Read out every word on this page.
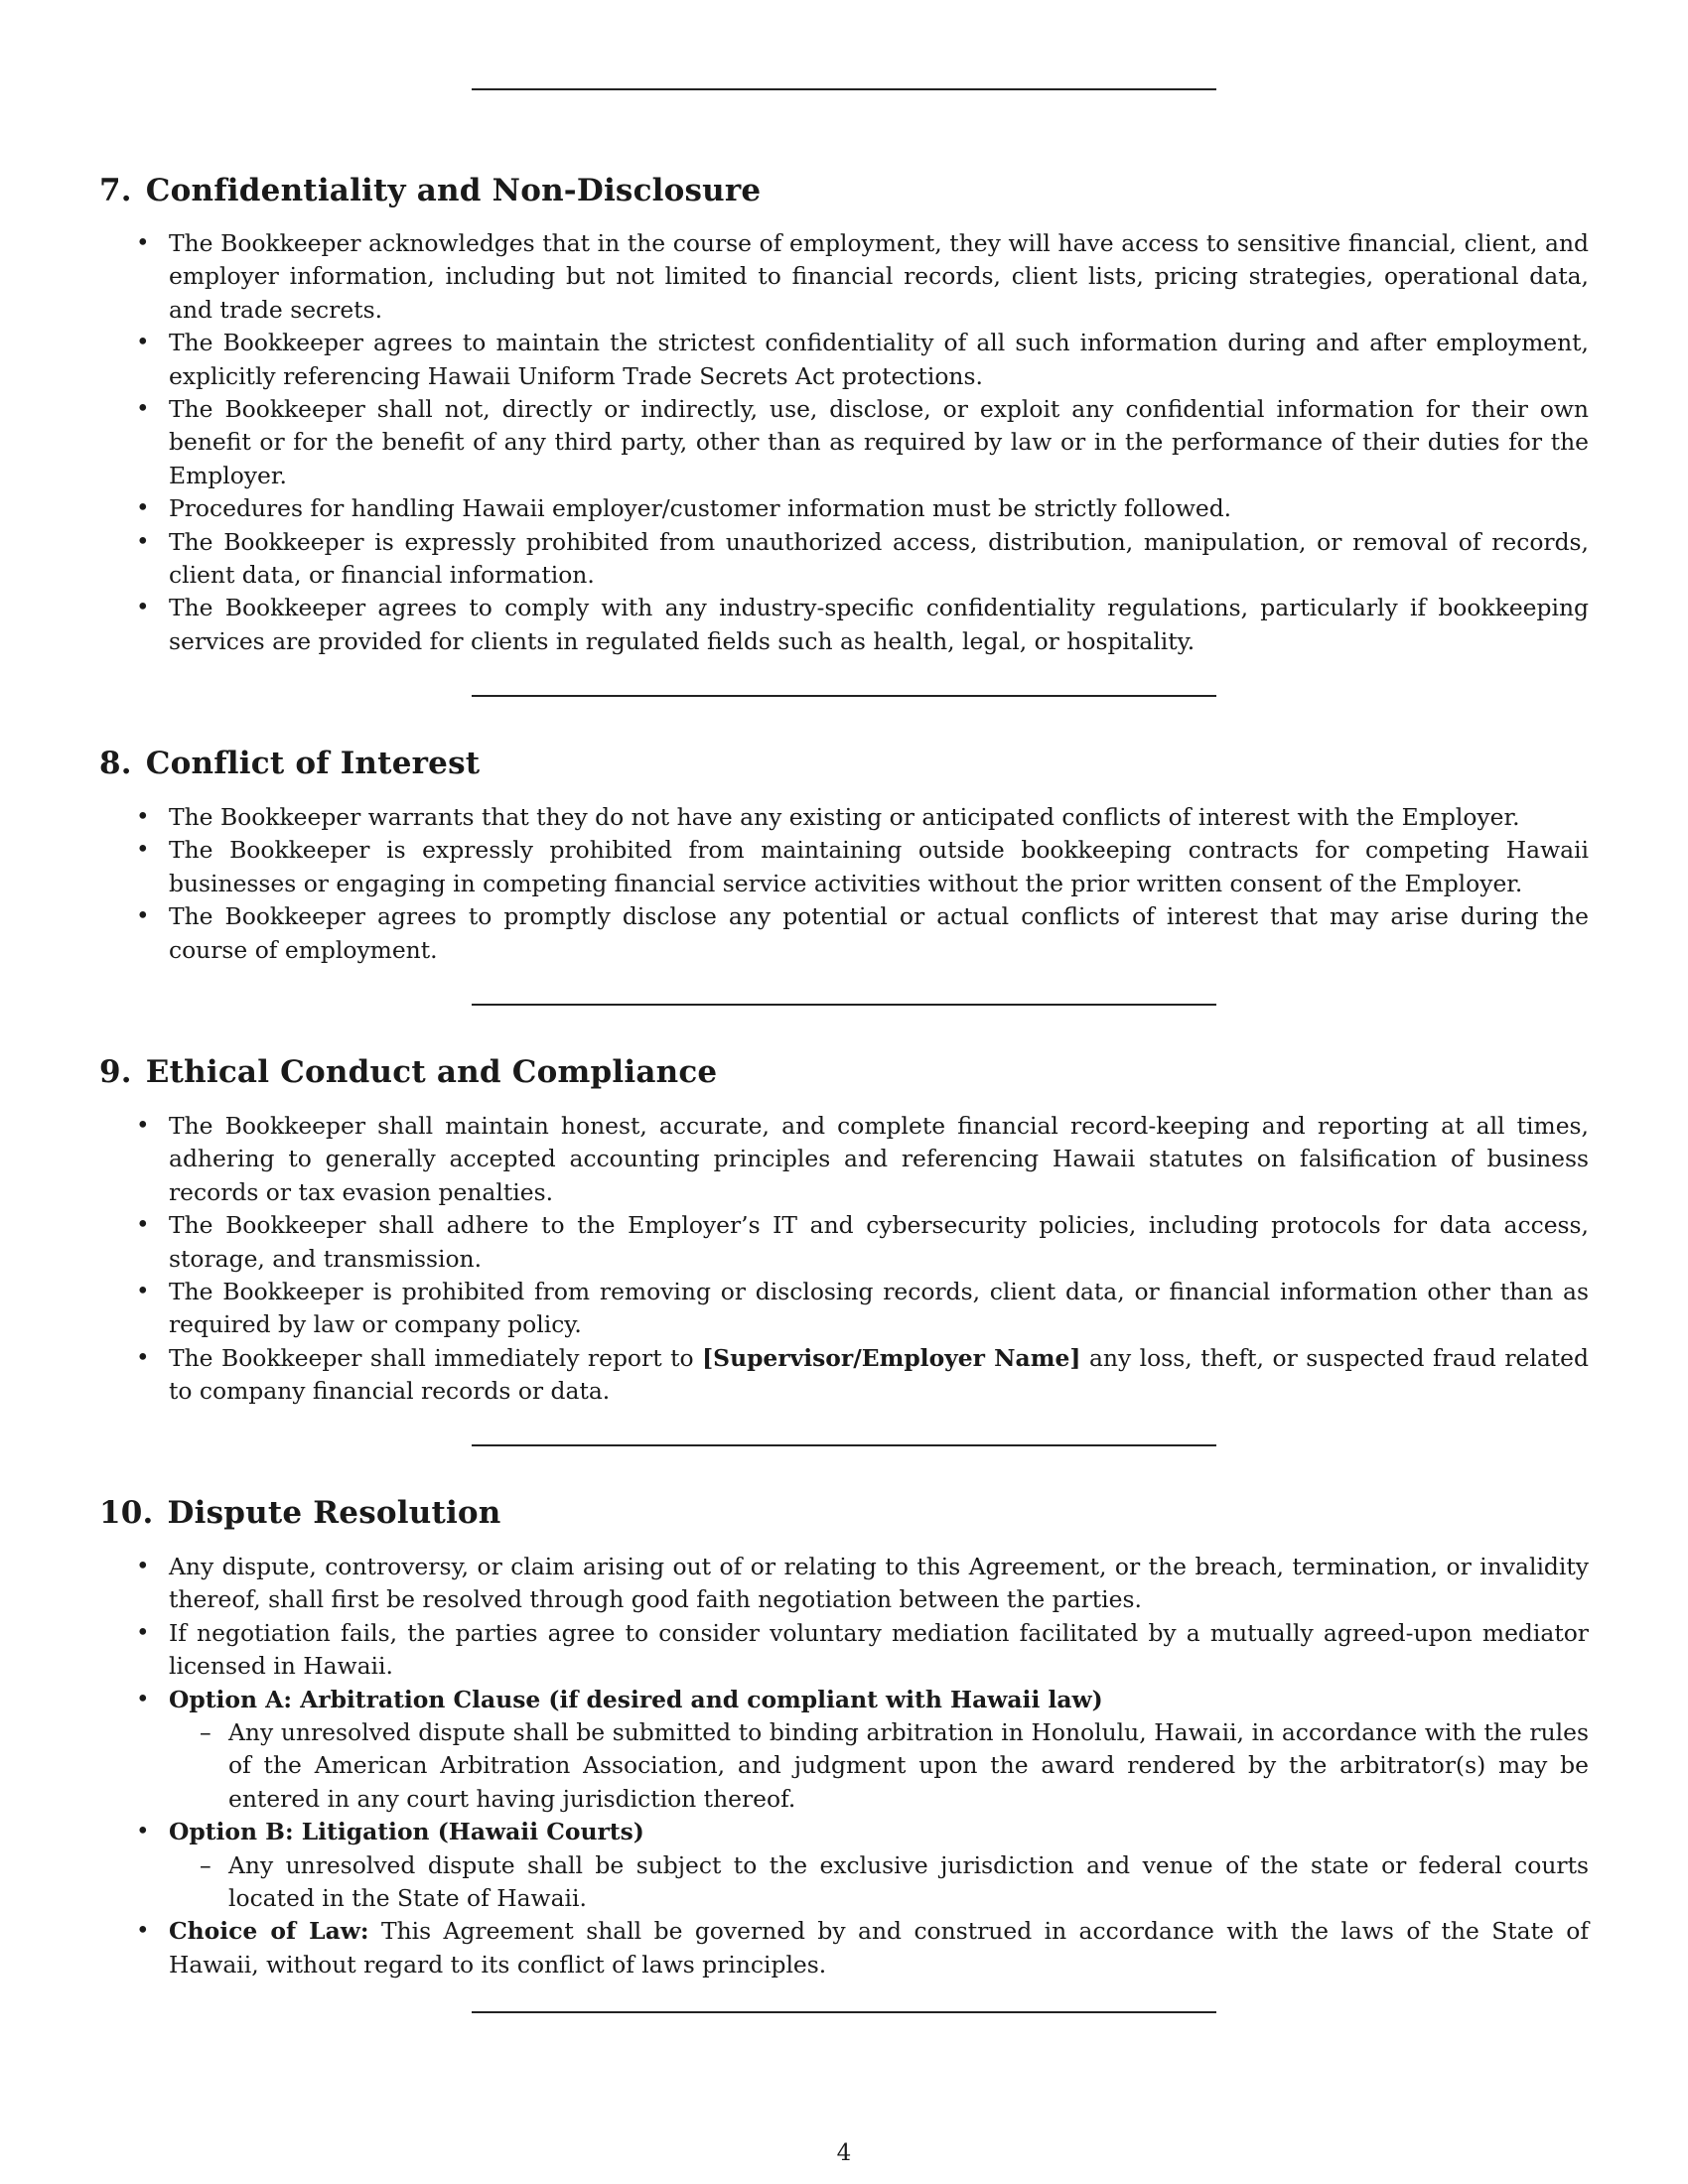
7. Confidentiality and Non-Disclosure
• The Bookkeeper acknowledges that in the course of employment, they will have access to sensitive financial, client, and employer information, including but not limited to financial records, client lists, pricing strategies, operational data, and trade secrets.
• The Bookkeeper agrees to maintain the strictest confidentiality of all such information during and after employment, explicitly referencing Hawaii Uniform Trade Secrets Act protections.
• The Bookkeeper shall not, directly or indirectly, use, disclose, or exploit any confidential information for their own benefit or for the benefit of any third party, other than as required by law or in the performance of their duties for the Employer.
• Procedures for handling Hawaii employer/customer information must be strictly followed.
• The Bookkeeper is expressly prohibited from unauthorized access, distribution, manipulation, or removal of records, client data, or financial information.
• The Bookkeeper agrees to comply with any industry-specific confidentiality regulations, particularly if bookkeeping services are provided for clients in regulated fields such as health, legal, or hospitality.
8. Conflict of Interest
• The Bookkeeper warrants that they do not have any existing or anticipated conflicts of interest with the Employer.
• The Bookkeeper is expressly prohibited from maintaining outside bookkeeping contracts for competing Hawaii businesses or engaging in competing financial service activities without the prior written consent of the Employer.
• The Bookkeeper agrees to promptly disclose any potential or actual conflicts of interest that may arise during the course of employment.
9. Ethical Conduct and Compliance
• The Bookkeeper shall maintain honest, accurate, and complete financial record-keeping and reporting at all times, adhering to generally accepted accounting principles and referencing Hawaii statutes on falsification of business records or tax evasion penalties.
• The Bookkeeper shall adhere to the Employer’s IT and cybersecurity policies, including protocols for data access, storage, and transmission.
• The Bookkeeper is prohibited from removing or disclosing records, client data, or financial information other than as required by law or company policy.
• The Bookkeeper shall immediately report to [Supervisor/Employer Name] any loss, theft, or suspected fraud related to company financial records or data.
10. Dispute Resolution
• Any dispute, controversy, or claim arising out of or relating to this Agreement, or the breach, termination, or invalidity thereof, shall first be resolved through good faith negotiation between the parties.
• If negotiation fails, the parties agree to consider voluntary mediation facilitated by a mutually agreed-upon mediator licensed in Hawaii.
• Option A: Arbitration Clause (if desired and compliant with Hawaii law)
– Any unresolved dispute shall be submitted to binding arbitration in Honolulu, Hawaii, in accordance with the rules of the American Arbitration Association, and judgment upon the award rendered by the arbitrator(s) may be entered in any court having jurisdiction thereof.
• Option B: Litigation (Hawaii Courts)
– Any unresolved dispute shall be subject to the exclusive jurisdiction and venue of the state or federal courts located in the State of Hawaii.
• Choice of Law: This Agreement shall be governed by and construed in accordance with the laws of the State of Hawaii, without regard to its conflict of laws principles.
4
